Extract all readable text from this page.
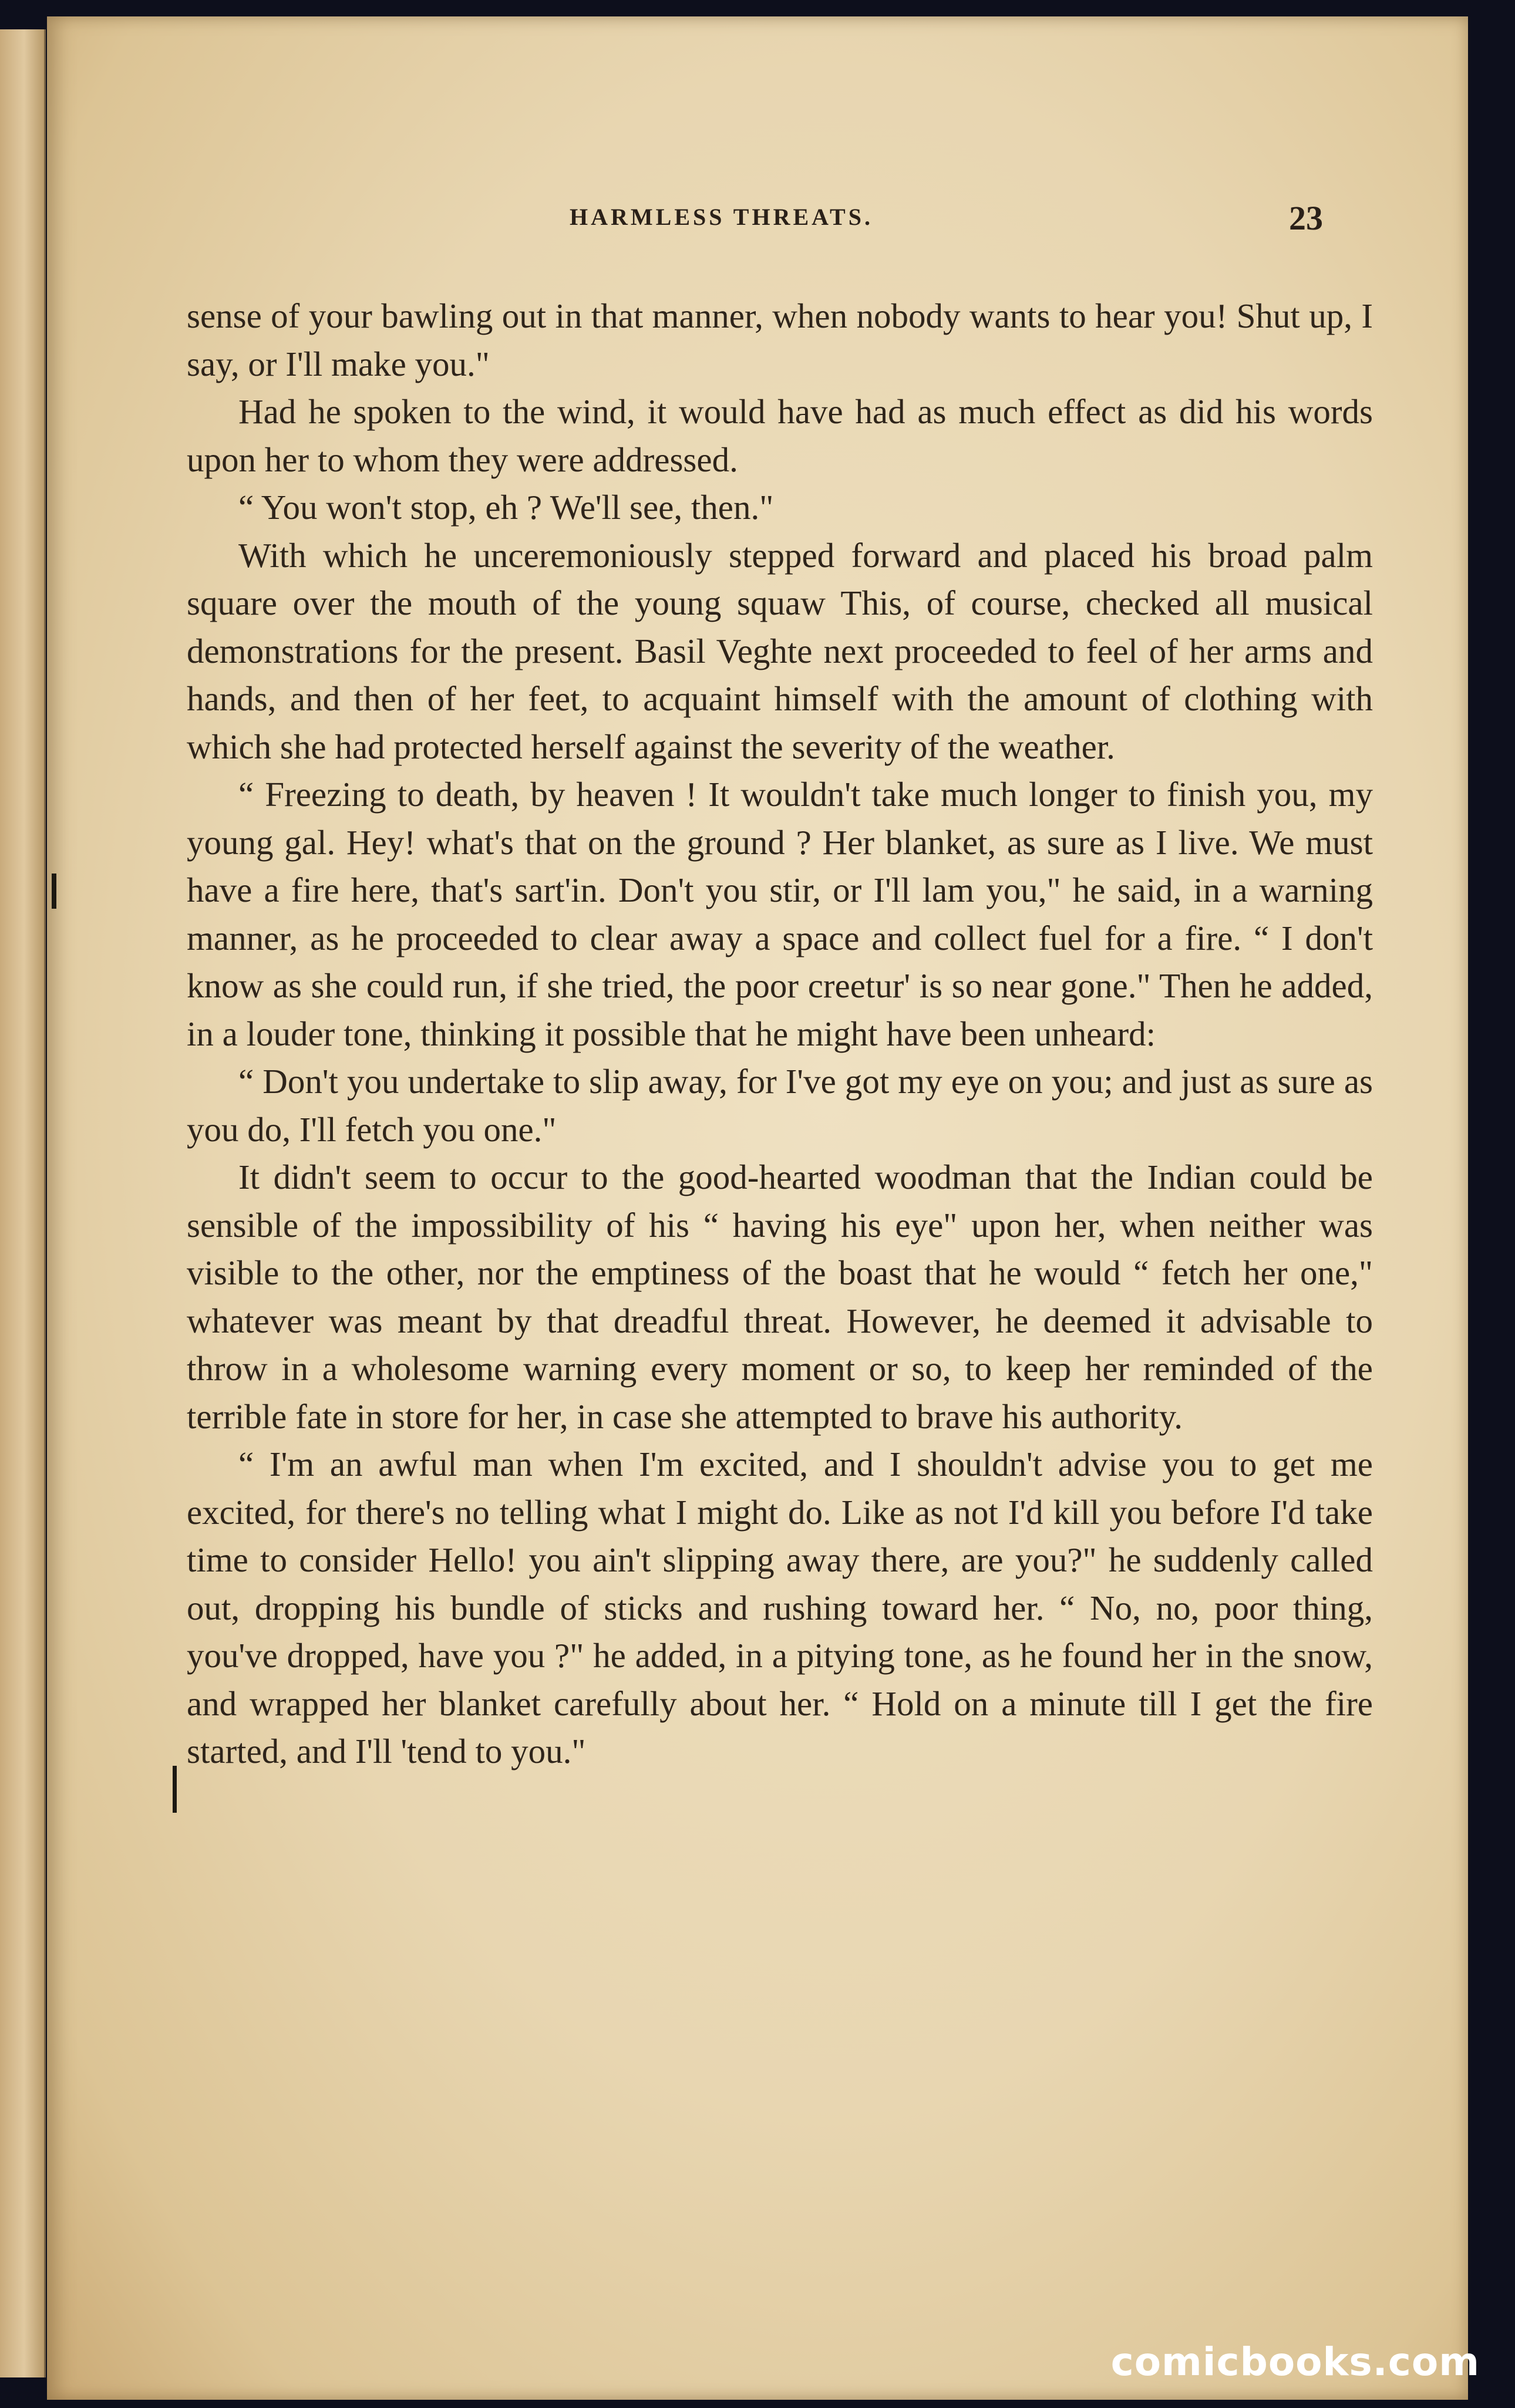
HARMLESS THREATS.	23

sense of your bawling out in that manner, when nobody wants to hear you! Shut up, I say, or I'll make you."

Had he spoken to the wind, it would have had as much effect as did his words upon her to whom they were addressed.

“ You won't stop, eh ? We'll see, then."

With which he unceremoniously stepped forward and placed his broad palm square over the mouth of the young squaw This, of course, checked all musical demonstrations for the present. Basil Veghte next proceeded to feel of her arms and hands, and then of her feet, to acquaint himself with the amount of clothing with which she had protected herself against the severity of the weather.

“ Freezing to death, by heaven ! It wouldn't take much longer to finish you, my young gal. Hey! what's that on the ground ? Her blanket, as sure as I live. We must have a fire here, that's sart'in. Don't you stir, or I'll lam you," he said, in a warning manner, as he proceeded to clear away a space and collect fuel for a fire. “ I don't know as she could run, if she tried, the poor creetur' is so near gone." Then he added, in a louder tone, thinking it possible that he might have been unheard:

“ Don't you undertake to slip away, for I've got my eye on you; and just as sure as you do, I'll fetch you one."

It didn't seem to occur to the good-hearted woodman that the Indian could be sensible of the impossibility of his “ having his eye" upon her, when neither was visible to the other, nor the emptiness of the boast that he would “ fetch her one," whatever was meant by that dreadful threat. However, he deemed it advisable to throw in a wholesome warning every moment or so, to keep her reminded of the terrible fate in store for her, in case she attempted to brave his authority.

“ I'm an awful man when I'm excited, and I shouldn't advise you to get me excited, for there's no telling what I might do. Like as not I'd kill you before I'd take time to consider Hello! you ain't slipping away there, are you?" he suddenly called out, dropping his bundle of sticks and rushing toward her. “ No, no, poor thing, you've dropped, have you ?" he added, in a pitying tone, as he found her in the snow, and wrapped her blanket carefully about her. “ Hold on a minute till I get the fire started, and I'll 'tend to you."

comicbooks.com
